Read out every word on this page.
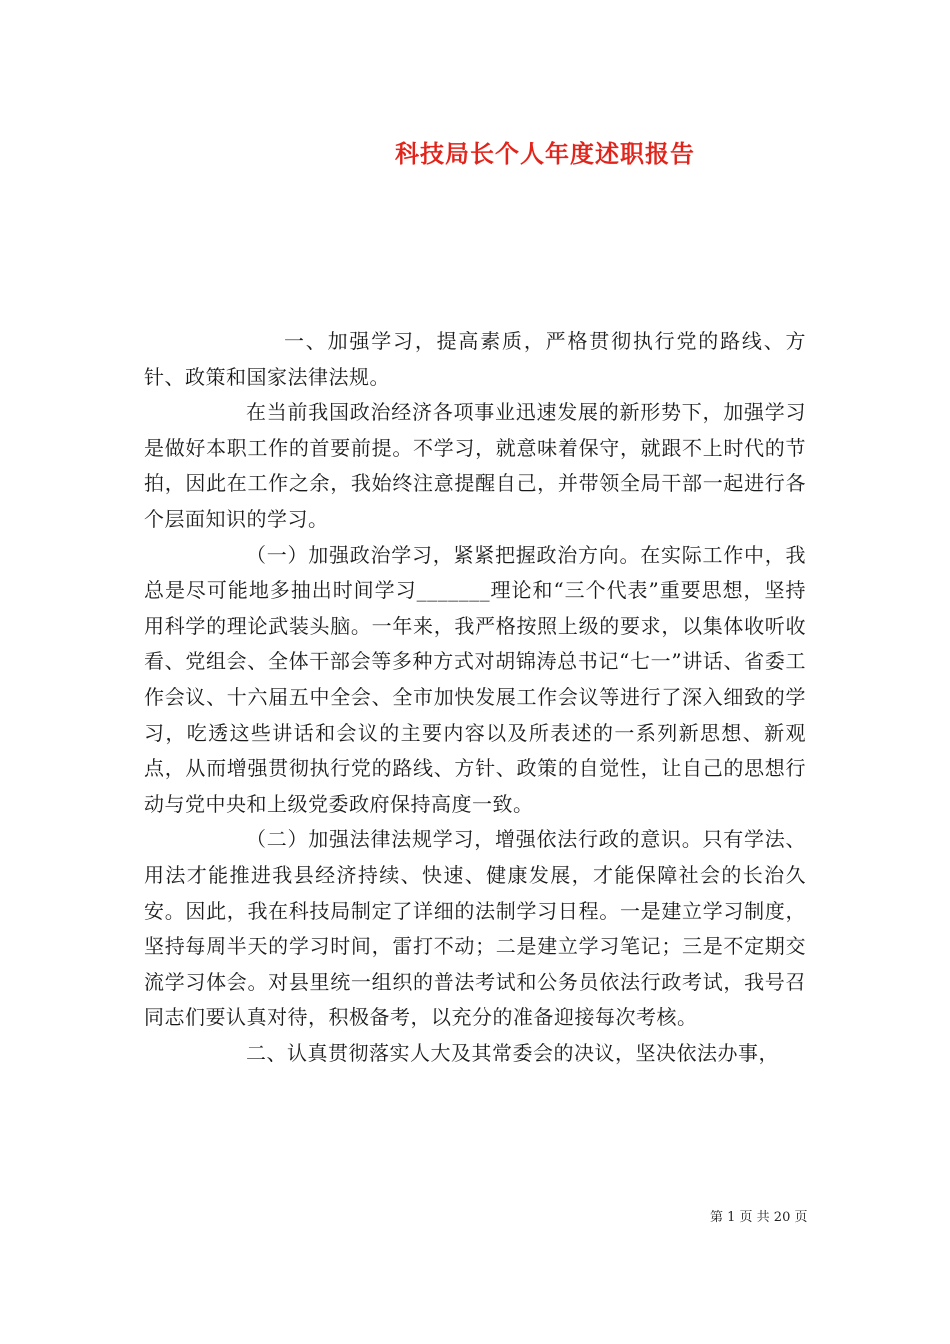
科技局长个人年度述职报告

一、加强学习，提高素质，严格贯彻执行党的路线、方针、政策和国家法律法规。

在当前我国政治经济各项事业迅速发展的新形势下，加强学习是做好本职工作的首要前提。不学习，就意味着保守，就跟不上时代的节拍，因此在工作之余，我始终注意提醒自己，并带领全局干部一起进行各个层面知识的学习。

（一）加强政治学习，紧紧把握政治方向。在实际工作中，我总是尽可能地多抽出时间学习_______理论和“三个代表”重要思想，坚持用科学的理论武装头脑。一年来，我严格按照上级的要求，以集体收听收看、党组会、全体干部会等多种方式对胡锦涛总书记“七一”讲话、省委工作会议、十六届五中全会、全市加快发展工作会议等进行了深入细致的学习，吃透这些讲话和会议的主要内容以及所表述的一系列新思想、新观点，从而增强贯彻执行党的路线、方针、政策的自觉性，让自己的思想行动与党中央和上级党委政府保持高度一致。

（二）加强法律法规学习，增强依法行政的意识。只有学法、用法才能推进我县经济持续、快速、健康发展，才能保障社会的长治久安。因此，我在科技局制定了详细的法制学习日程。一是建立学习制度，坚持每周半天的学习时间，雷打不动；二是建立学习笔记；三是不定期交流学习体会。对县里统一组织的普法考试和公务员依法行政考试，我号召同志们要认真对待，积极备考，以充分的准备迎接每次考核。

二、认真贯彻落实人大及其常委会的决议，坚决依法办事，

第 1 页 共 20 页
